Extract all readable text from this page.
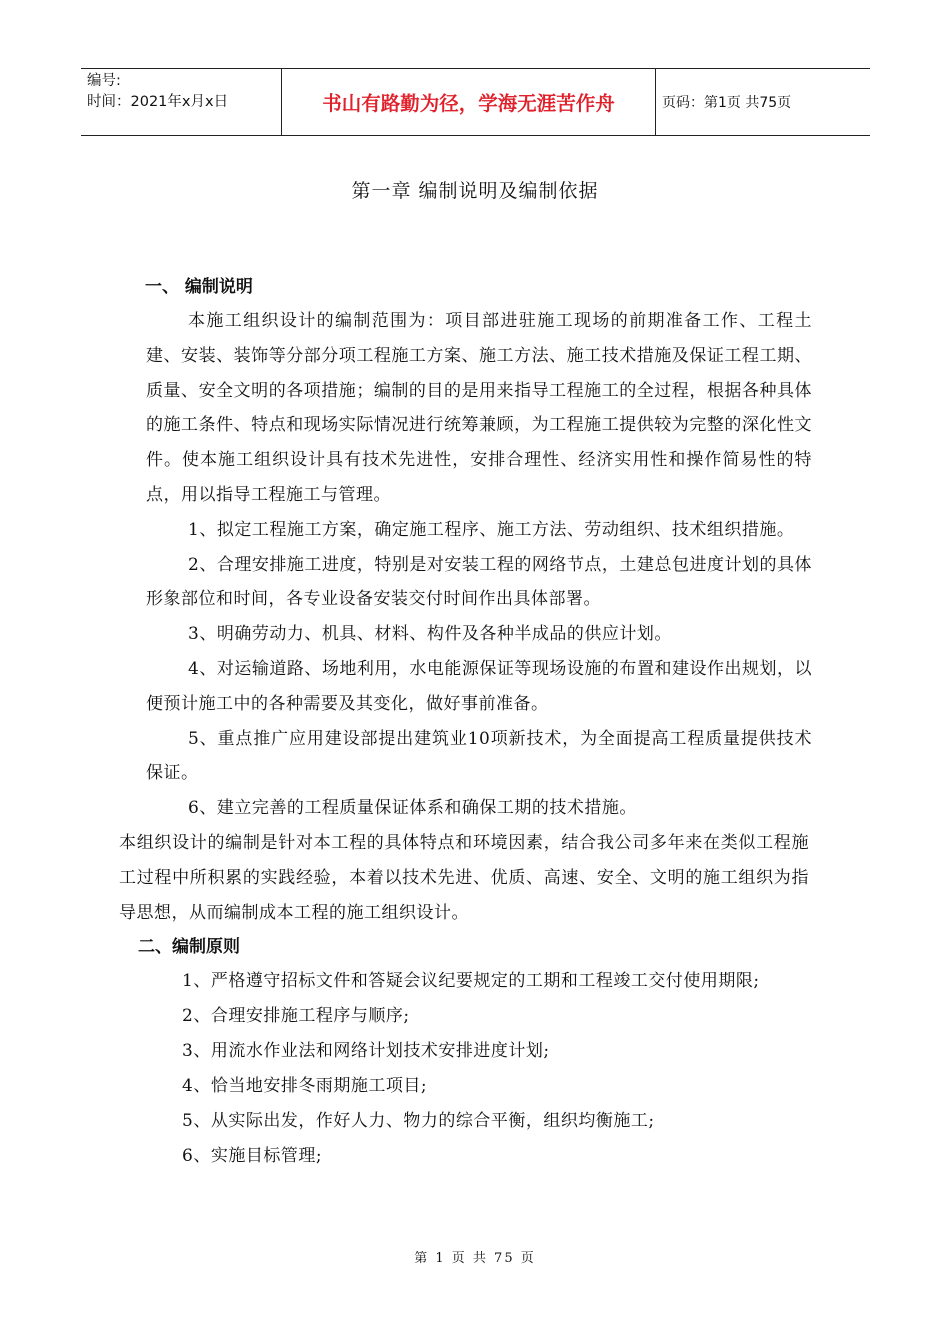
编号:
时间：2021年x月x日	书山有路勤为径，学海无涯苦作舟	页码：第1页 共75页
第一章 编制说明及编制依据
一、 编制说明

本施工组织设计的编制范围为：项目部进驻施工现场的前期准备工作、工程土建、安装、装饰等分部分项工程施工方案、施工方法、施工技术措施及保证工程工期、质量、安全文明的各项措施；编制的目的是用来指导工程施工的全过程，根据各种具体的施工条件、特点和现场实际情况进行统筹兼顾，为工程施工提供较为完整的深化性文件。使本施工组织设计具有技术先进性，安排合理性、经济实用性和操作简易性的特点，用以指导工程施工与管理。

1、拟定工程施工方案，确定施工程序、施工方法、劳动组织、技术组织措施。

2、合理安排施工进度，特别是对安装工程的网络节点，土建总包进度计划的具体形象部位和时间，各专业设备安装交付时间作出具体部署。

3、明确劳动力、机具、材料、构件及各种半成品的供应计划。

4、对运输道路、场地利用，水电能源保证等现场设施的布置和建设作出规划，以便预计施工中的各种需要及其变化，做好事前准备。

5、重点推广应用建设部提出建筑业10项新技术，为全面提高工程质量提供技术保证。

6、建立完善的工程质量保证体系和确保工期的技术措施。

本组织设计的编制是针对本工程的具体特点和环境因素，结合我公司多年来在类似工程施工过程中所积累的实践经验，本着以技术先进、优质、高速、安全、文明的施工组织为指导思想，从而编制成本工程的施工组织设计。

二、编制原则

1、严格遵守招标文件和答疑会议纪要规定的工期和工程竣工交付使用期限;

2、合理安排施工程序与顺序;

3、用流水作业法和网络计划技术安排进度计划;

4、恰当地安排冬雨期施工项目;

5、从实际出发，作好人力、物力的综合平衡，组织均衡施工;

6、实施目标管理;

第 1 页 共 75 页
